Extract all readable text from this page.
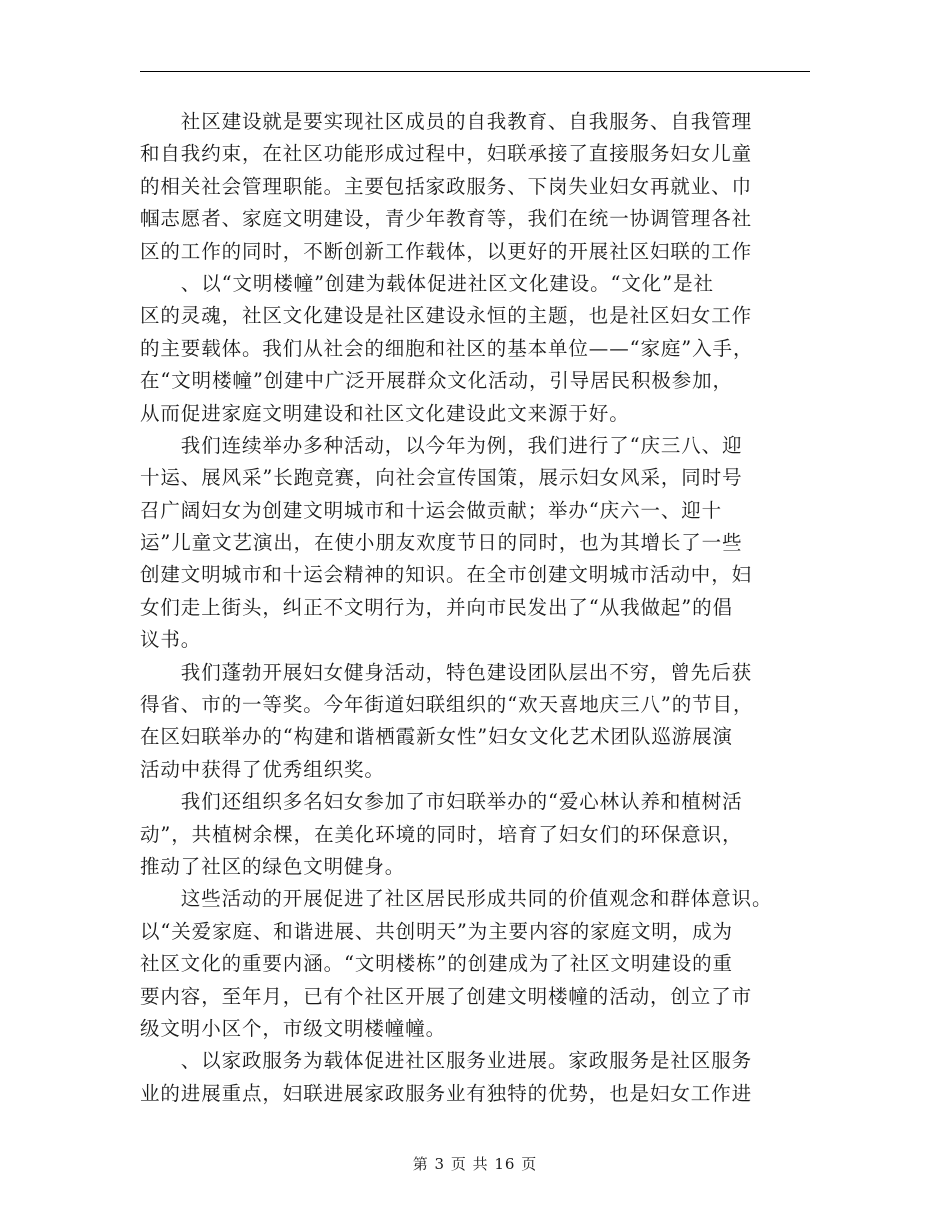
　　社区建设就是要实现社区成员的自我教育、自我服务、自我管理
和自我约束，在社区功能形成过程中，妇联承接了直接服务妇女儿童
的相关社会管理职能。主要包括家政服务、下岗失业妇女再就业、巾
帼志愿者、家庭文明建设，青少年教育等，我们在统一协调管理各社
区的工作的同时，不断创新工作载体，以更好的开展社区妇联的工作
　　、以“文明楼幢”创建为载体促进社区文化建设。“文化”是社
区的灵魂，社区文化建设是社区建设永恒的主题，也是社区妇女工作
的主要载体。我们从社会的细胞和社区的基本单位——“家庭”入手，
在“文明楼幢”创建中广泛开展群众文化活动，引导居民积极参加，
从而促进家庭文明建设和社区文化建设此文来源于好。
　　我们连续举办多种活动，以今年为例，我们进行了“庆三八、迎
十运、展风采”长跑竞赛，向社会宣传国策，展示妇女风采，同时号
召广阔妇女为创建文明城市和十运会做贡献；举办“庆六一、迎十
运”儿童文艺演出，在使小朋友欢度节日的同时，也为其增长了一些
创建文明城市和十运会精神的知识。在全市创建文明城市活动中，妇
女们走上街头，纠正不文明行为，并向市民发出了“从我做起”的倡
议书。
　　我们蓬勃开展妇女健身活动，特色建设团队层出不穷，曾先后获
得省、市的一等奖。今年街道妇联组织的“欢天喜地庆三八”的节目，
在区妇联举办的“构建和谐栖霞新女性”妇女文化艺术团队巡游展演
活动中获得了优秀组织奖。
　　我们还组织多名妇女参加了市妇联举办的“爱心林认养和植树活
动”，共植树余棵，在美化环境的同时，培育了妇女们的环保意识，
推动了社区的绿色文明健身。
　　这些活动的开展促进了社区居民形成共同的价值观念和群体意识。
以“关爱家庭、和谐进展、共创明天”为主要内容的家庭文明，成为
社区文化的重要内涵。“文明楼栋”的创建成为了社区文明建设的重
要内容，至年月，已有个社区开展了创建文明楼幢的活动，创立了市
级文明小区个，市级文明楼幢幢。
　　、以家政服务为载体促进社区服务业进展。家政服务是社区服务
业的进展重点，妇联进展家政服务业有独特的优势，也是妇女工作进
第 3 页 共 16 页
